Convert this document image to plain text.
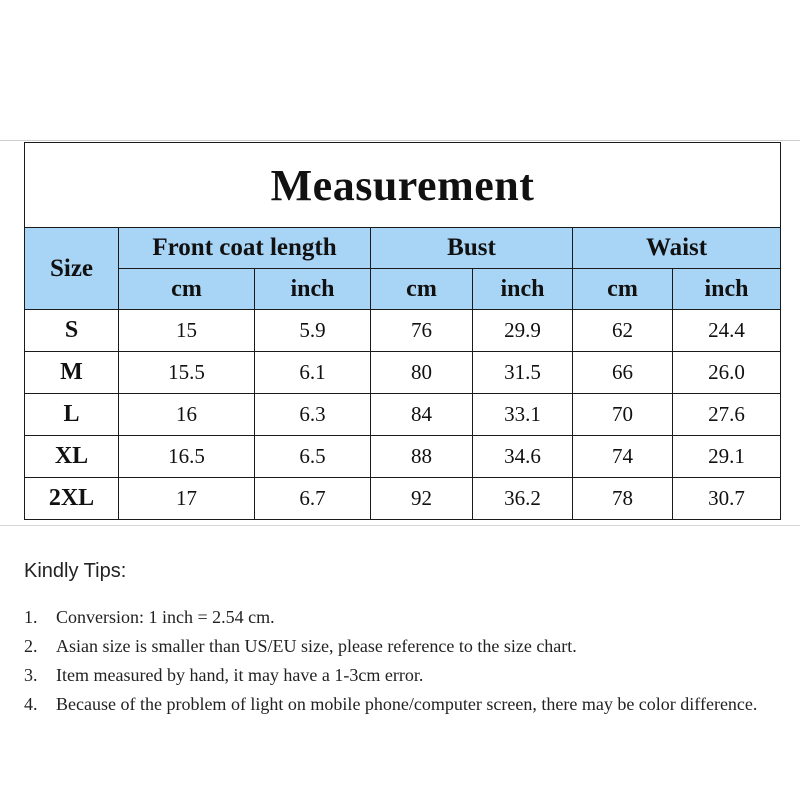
Measurement						
Size	Front coat length		Bust		Waist	
	cm	inch	cm	inch	cm	inch
S	15	5.9	76	29.9	62	24.4
M	15.5	6.1	80	31.5	66	26.0
L	16	6.3	84	33.1	70	27.6
XL	16.5	6.5	88	34.6	74	29.1
2XL	17	6.7	92	36.2	78	30.7
Kindly Tips:
1.	Conversion: 1 inch = 2.54 cm.
2.	Asian size is smaller than US/EU size, please reference to the size chart.
3.	Item measured by hand, it may have a 1-3cm error.
4.	Because of the problem of light on mobile phone/computer screen, there may be color difference.
